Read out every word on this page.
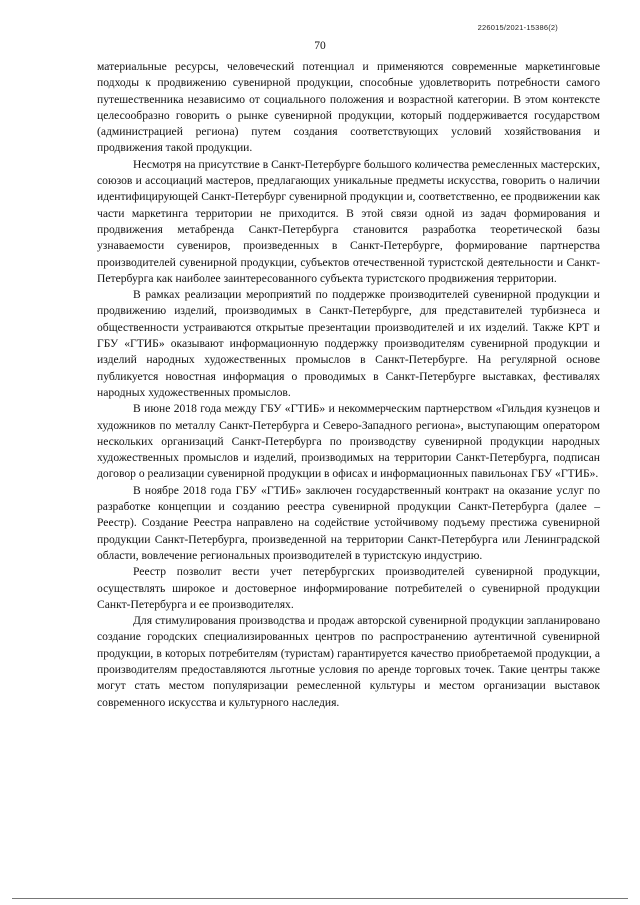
226015/2021-15386(2)
70

материальные ресурсы, человеческий потенциал и применяются современные маркетинговые подходы к продвижению сувенирной продукции, способные удовлетворить потребности самого путешественника независимо от социального положения и возрастной категории. В этом контексте целесообразно говорить о рынке сувенирной продукции, который поддерживается государством (администрацией региона) путем создания соответствующих условий хозяйствования и продвижения такой продукции.

Несмотря на присутствие в Санкт-Петербурге большого количества ремесленных мастерских, союзов и ассоциаций мастеров, предлагающих уникальные предметы искусства, говорить о наличии идентифицирующей Санкт-Петербург сувенирной продукции и, соответственно, ее продвижении как части маркетинга территории не приходится. В этой связи одной из задач формирования и продвижения метабренда Санкт-Петербурга становится разработка теоретической базы узнаваемости сувениров, произведенных в Санкт-Петербурге, формирование партнерства производителей сувенирной продукции, субъектов отечественной туристской деятельности и Санкт-Петербурга как наиболее заинтересованного субъекта туристского продвижения территории.

В рамках реализации мероприятий по поддержке производителей сувенирной продукции и продвижению изделий, производимых в Санкт-Петербурге, для представителей турбизнеса и общественности устраиваются открытые презентации производителей и их изделий. Также КРТ и ГБУ «ГТИБ» оказывают информационную поддержку производителям сувенирной продукции и изделий народных художественных промыслов в Санкт-Петербурге. На регулярной основе публикуется новостная информация о проводимых в Санкт-Петербурге выставках, фестивалях народных художественных промыслов.

В июне 2018 года между ГБУ «ГТИБ» и некоммерческим партнерством «Гильдия кузнецов и художников по металлу Санкт-Петербурга и Северо-Западного региона», выступающим оператором нескольких организаций Санкт-Петербурга по производству сувенирной продукции народных художественных промыслов и изделий, производимых на территории Санкт-Петербурга, подписан договор о реализации сувенирной продукции в офисах и информационных павильонах ГБУ «ГТИБ».

В ноябре 2018 года ГБУ «ГТИБ» заключен государственный контракт на оказание услуг по разработке концепции и созданию реестра сувенирной продукции Санкт-Петербурга (далее – Реестр). Создание Реестра направлено на содействие устойчивому подъему престижа сувенирной продукции Санкт-Петербурга, произведенной на территории Санкт-Петербурга или Ленинградской области, вовлечение региональных производителей в туристскую индустрию.

Реестр позволит вести учет петербургских производителей сувенирной продукции, осуществлять широкое и достоверное информирование потребителей о сувенирной продукции Санкт-Петербурга и ее производителях.

Для стимулирования производства и продаж авторской сувенирной продукции запланировано создание городских специализированных центров по распространению аутентичной сувенирной продукции, в которых потребителям (туристам) гарантируется качество приобретаемой продукции, а производителям предоставляются льготные условия по аренде торговых точек. Такие центры также могут стать местом популяризации ремесленной культуры и местом организации выставок современного искусства и культурного наследия.
